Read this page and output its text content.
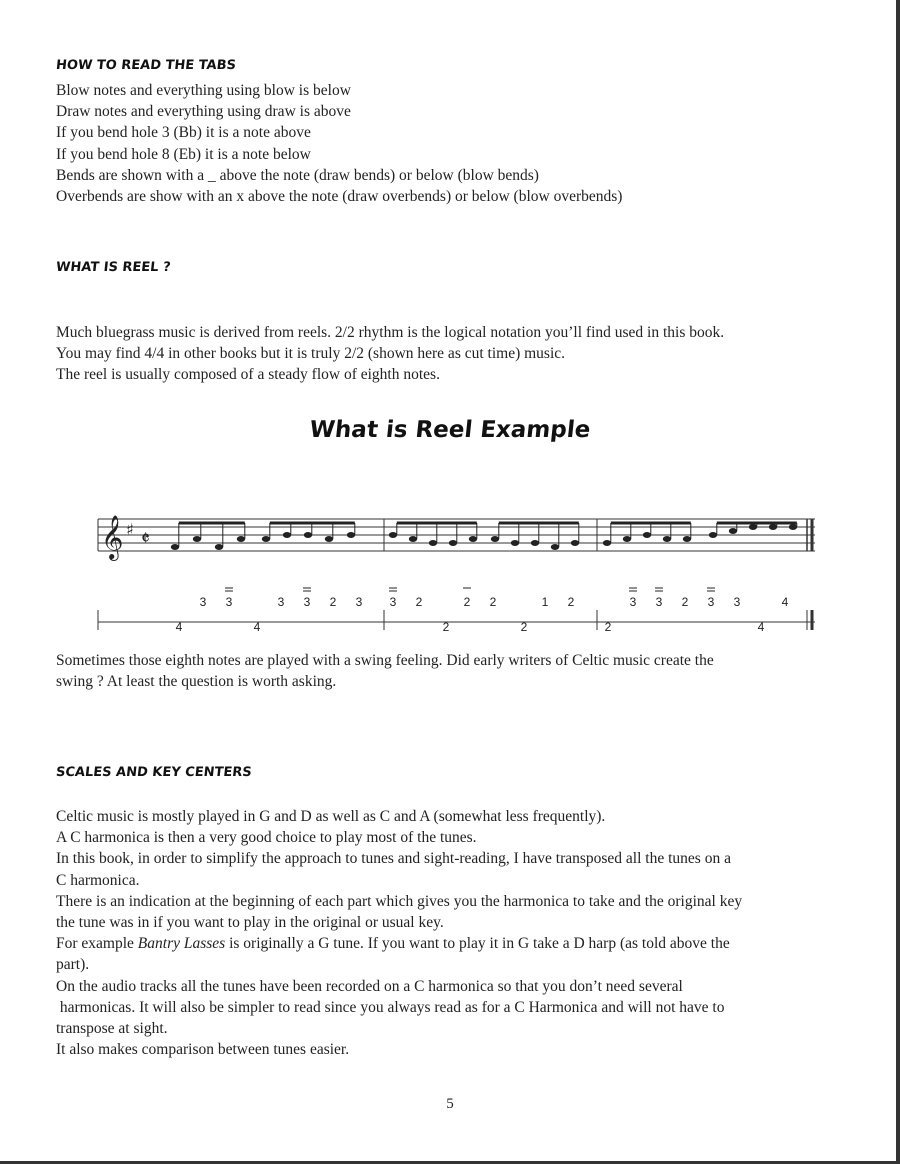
HOW TO READ THE TABS
Blow notes and everything using blow is below
Draw notes and everything using draw is above
If you bend hole 3 (Bb) it is a note above
If you bend hole 8 (Eb) it is a note below
Bends are shown with a _ above the note (draw bends) or below (blow bends)
Overbends are show with an x above the note (draw overbends) or below (blow overbends)
WHAT IS REEL ?
Much bluegrass music is derived from reels. 2/2 rhythm is the logical notation you’ll find used in this book.
You may find 4/4 in other books but it is truly 2/2 (shown here as cut time) music.
The reel is usually composed of a steady flow of eighth notes.
What is Reel Example
𝄞 ♯ 𝄵
3 3	3 3 2 3 3 2	2 2	1 2	3 3 2 3 3	4
4	4	2	2	2	4
Sometimes those eighth notes are played with a swing feeling. Did early writers of Celtic music create the
swing ? At least the question is worth asking.
SCALES AND KEY CENTERS
Celtic music is mostly played in G and D as well as C and A (somewhat less frequently).
A C harmonica is then a very good choice to play most of the tunes.
In this book, in order to simplify the approach to tunes and sight-reading, I have transposed all the tunes on a
C harmonica.
There is an indication at the beginning of each part which gives you the harmonica to take and the original key
the tune was in if you want to play in the original or usual key.
For example Bantry Lasses is originally a G tune. If you want to play it in G take a D harp (as told above the
part).
On the audio tracks all the tunes have been recorded on a C harmonica so that you don’t need several
harmonicas. It will also be simpler to read since you always read as for a C Harmonica and will not have to
transpose at sight.
It also makes comparison between tunes easier.
5
